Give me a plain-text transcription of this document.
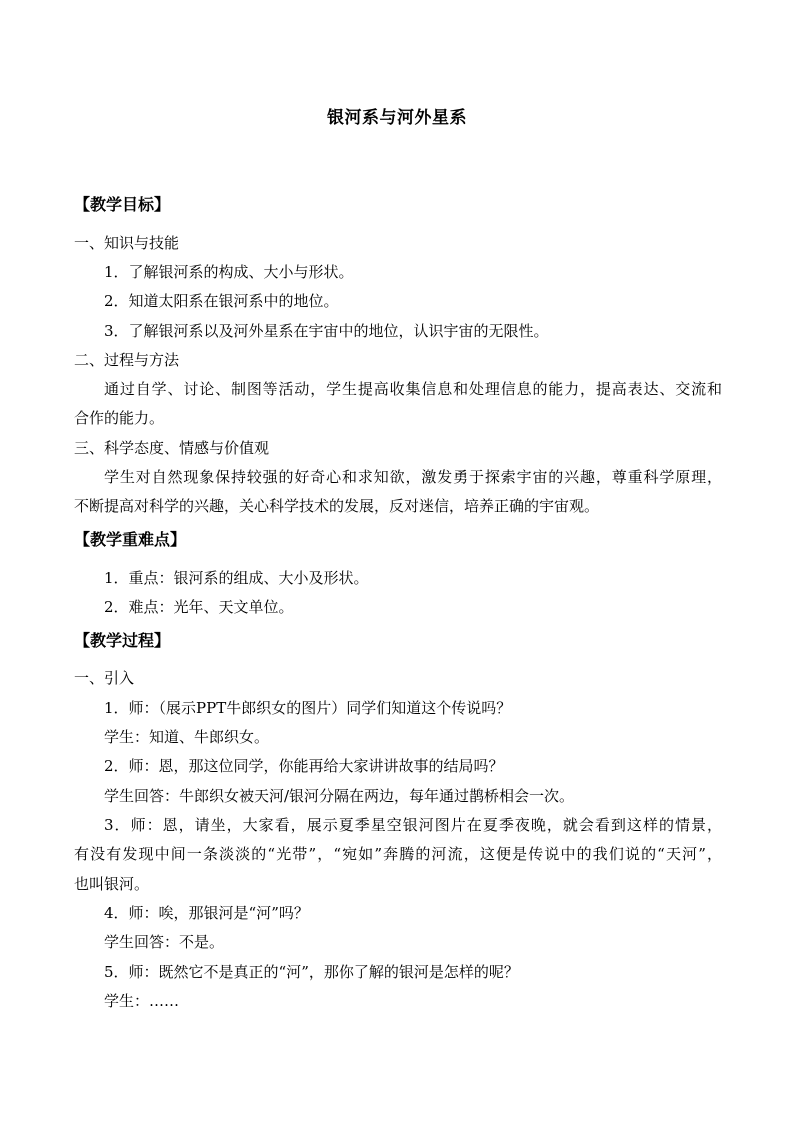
银河系与河外星系
【教学目标】
一、知识与技能
1．了解银河系的构成、大小与形状。
2．知道太阳系在银河系中的地位。
3．了解银河系以及河外星系在宇宙中的地位，认识宇宙的无限性。
二、过程与方法
通过自学、讨论、制图等活动，学生提高收集信息和处理信息的能力，提高表达、交流和
合作的能力。
三、科学态度、情感与价值观
学生对自然现象保持较强的好奇心和求知欲，激发勇于探索宇宙的兴趣，尊重科学原理，
不断提高对科学的兴趣，关心科学技术的发展，反对迷信，培养正确的宇宙观。
【教学重难点】
1．重点：银河系的组成、大小及形状。
2．难点：光年、天文单位。
【教学过程】
一、引入
1．师：（展示PPT牛郎织女的图片）同学们知道这个传说吗？
学生：知道、牛郎织女。
2．师：恩，那这位同学，你能再给大家讲讲故事的结局吗？
学生回答：牛郎织女被天河/银河分隔在两边，每年通过鹊桥相会一次。
3．师：恩，请坐，大家看，展示夏季星空银河图片在夏季夜晚，就会看到这样的情景，
有没有发现中间一条淡淡的“光带”，“宛如”奔腾的河流，这便是传说中的我们说的“天河”，
也叫银河。
4．师：唉，那银河是“河”吗？
学生回答：不是。
5．师：既然它不是真正的“河”，那你了解的银河是怎样的呢？
学生：……
